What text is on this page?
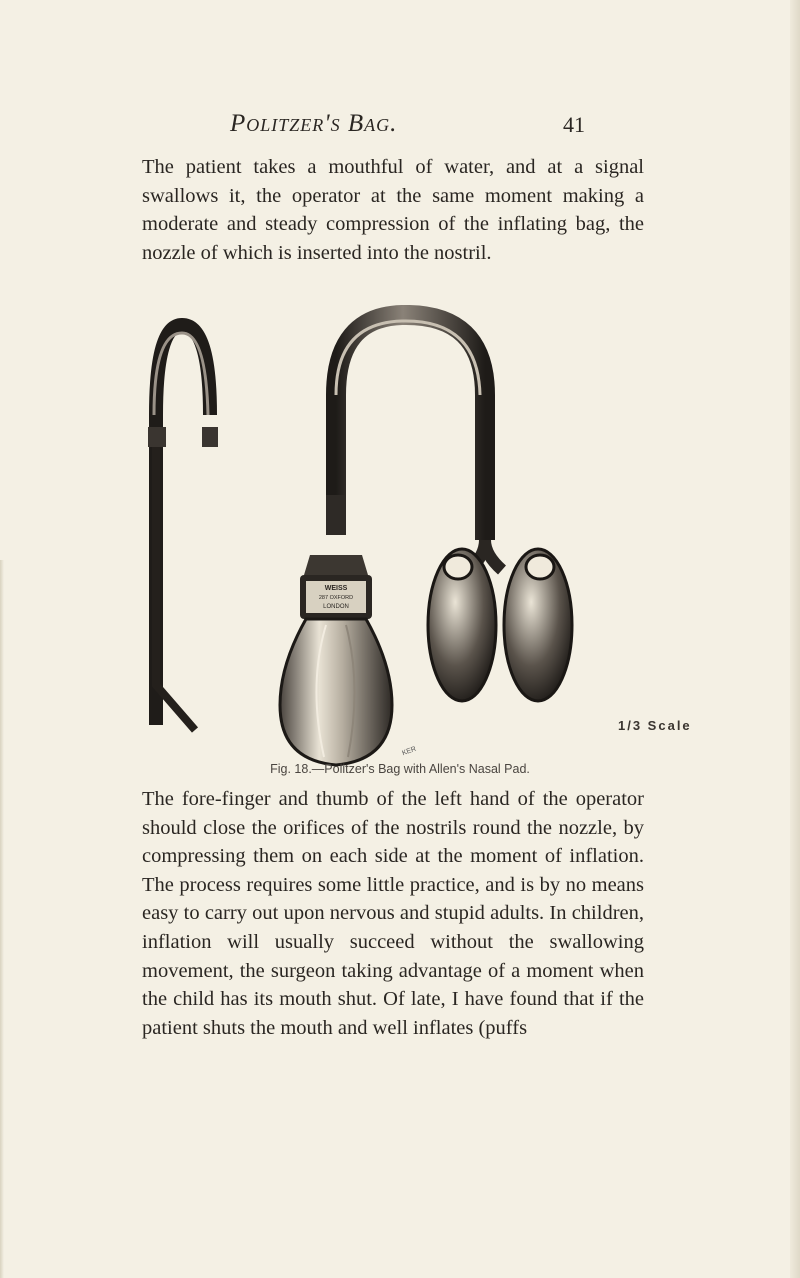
Politzer's Bag.	41

The patient takes a mouthful of water, and at a signal swallows it, the operator at the same moment making a moderate and steady compression of the inflating bag, the nozzle of which is inserted into the nostril.

WEISS
287 OXFORD
LONDON
1/3 Scale
KER
Fig. 18.—Politzer's Bag with Allen's Nasal Pad.

The fore-finger and thumb of the left hand of the operator should close the orifices of the nostrils round the nozzle, by compressing them on each side at the moment of inflation. The process requires some little practice, and is by no means easy to carry out upon nervous and stupid adults. In children, inflation will usually succeed without the swallowing movement, the surgeon taking advantage of a moment when the child has its mouth shut. Of late, I have found that if the patient shuts the mouth and well inflates (puffs
